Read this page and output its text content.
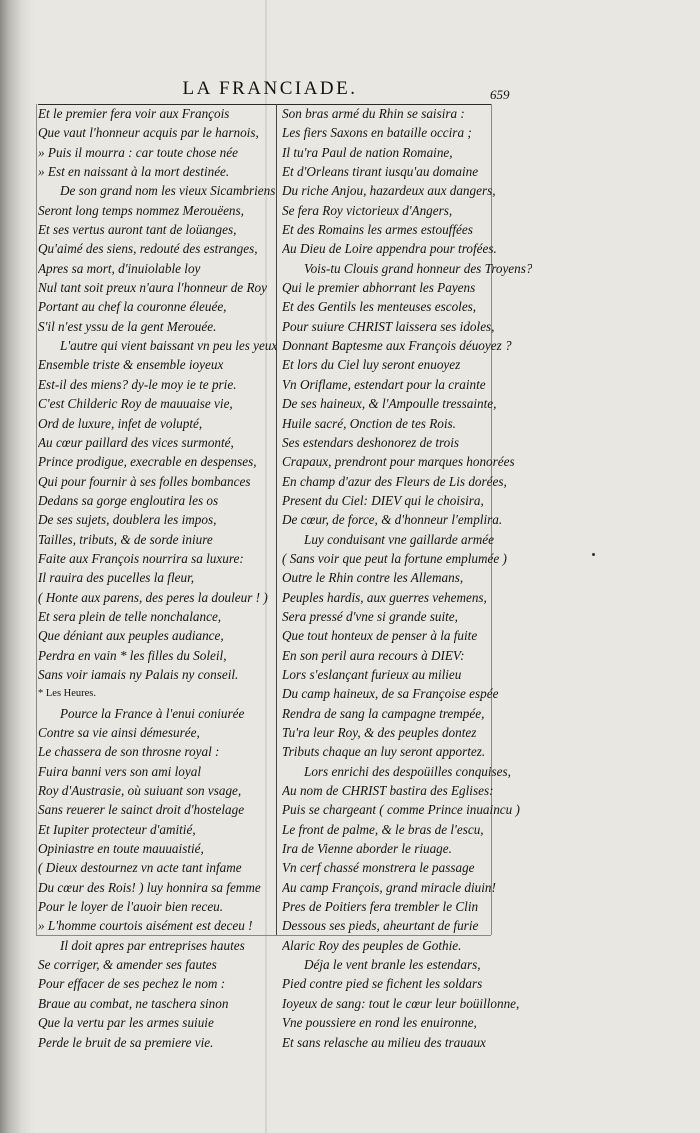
LA FRANCIADE.	659
Et le premier fera voir aux François
Que vaut l'honneur acquis par le harnois,
» Puis il mourra : car toute chose née
» Est en naissant à la mort destinée.
De son grand nom les vieux Sicambriens
Seront long temps nommez Merouëens,
Et ses vertus auront tant de loüanges,
Qu'aimé des siens, redouté des estranges,
Apres sa mort, d'inuiolable loy
Nul tant soit preux n'aura l'honneur de Roy
Portant au chef la couronne éleuée,
S'il n'est yssu de la gent Merouée.
L'autre qui vient baissant vn peu les yeux
Ensemble triste & ensemble ioyeux
Est-il des miens? dy-le moy ie te prie.
C'est Childeric Roy de mauuaise vie,
Ord de luxure, infet de volupté,
Au cœur paillard des vices surmonté,
Prince prodigue, execrable en despenses,
Qui pour fournir à ses folles bombances
Dedans sa gorge engloutira les os
De ses sujets, doublera les impos,
Tailles, tributs, & de sorde iniure
Faite aux François nourrira sa luxure:
Il rauira des pucelles la fleur,
( Honte aux parens, des peres la douleur ! )
Et sera plein de telle nonchalance,
Que déniant aux peuples audiance,
Perdra en vain * les filles du Soleil,
Sans voir iamais ny Palais ny conseil.
* Les Heures.
Pource la France à l'enui coniurée
Contre sa vie ainsi démesurée,
Le chassera de son throsne royal :
Fuira banni vers son ami loyal
Roy d'Austrasie, où suiuant son vsage,
Sans reuerer le sainct droit d'hostelage
Et Iupiter protecteur d'amitié,
Opiniastre en toute mauuaistié,
( Dieux destournez vn acte tant infame
Du cœur des Rois! ) luy honnira sa femme
Pour le loyer de l'auoir bien receu.
» L'homme courtois aisément est deceu !
Il doit apres par entreprises hautes
Se corriger, & amender ses fautes
Pour effacer de ses pechez le nom :
Braue au combat, ne taschera sinon
Que la vertu par les armes suiuie
Perde le bruit de sa premiere vie.
Son bras armé du Rhin se saisira :
Les fiers Saxons en bataille occira ;
Il tu'ra Paul de nation Romaine,
Et d'Orleans tirant iusqu'au domaine
Du riche Anjou, hazardeux aux dangers,
Se fera Roy victorieux d'Angers,
Et des Romains les armes estouffées
Au Dieu de Loire appendra pour trofées.
Vois-tu Clouis grand honneur des Troyens?
Qui le premier abhorrant les Payens
Et des Gentils les menteuses escoles,
Pour suiure CHRIST laissera ses idoles,
Donnant Baptesme aux François déuoyez ?
Et lors du Ciel luy seront enuoyez
Vn Oriflame, estendart pour la crainte
De ses haineux, & l'Ampoulle tressainte,
Huile sacré, Onction de tes Rois.
Ses estendars deshonorez de trois
Crapaux, prendront pour marques honorées
En champ d'azur des Fleurs de Lis dorées,
Present du Ciel: DIEV qui le choisira,
De cœur, de force, & d'honneur l'emplira.
Luy conduisant vne gaillarde armée
( Sans voir que peut la fortune emplumée )
Outre le Rhin contre les Allemans,
Peuples hardis, aux guerres vehemens,
Sera pressé d'vne si grande suite,
Que tout honteux de penser à la fuite
En son peril aura recours à DIEV:
Lors s'eslançant furieux au milieu
Du camp haineux, de sa Françoise espée
Rendra de sang la campagne trempée,
Tu'ra leur Roy, & des peuples dontez
Tributs chaque an luy seront apportez.
Lors enrichi des despoüilles conquises,
Au nom de CHRIST bastira des Eglises:
Puis se chargeant ( comme Prince inuaincu )
Le front de palme, & le bras de l'escu,
Ira de Vienne aborder le riuage.
Vn cerf chassé monstrera le passage
Au camp François, grand miracle diuin!
Pres de Poitiers fera trembler le Clin
Dessous ses pieds, aheurtant de furie
Alaric Roy des peuples de Gothie.
Déja le vent branle les estendars,
Pied contre pied se fichent les soldars
Ioyeux de sang: tout le cœur leur boüillonne,
Vne poussiere en rond les enuironne,
Et sans relasche au milieu des trauaux
